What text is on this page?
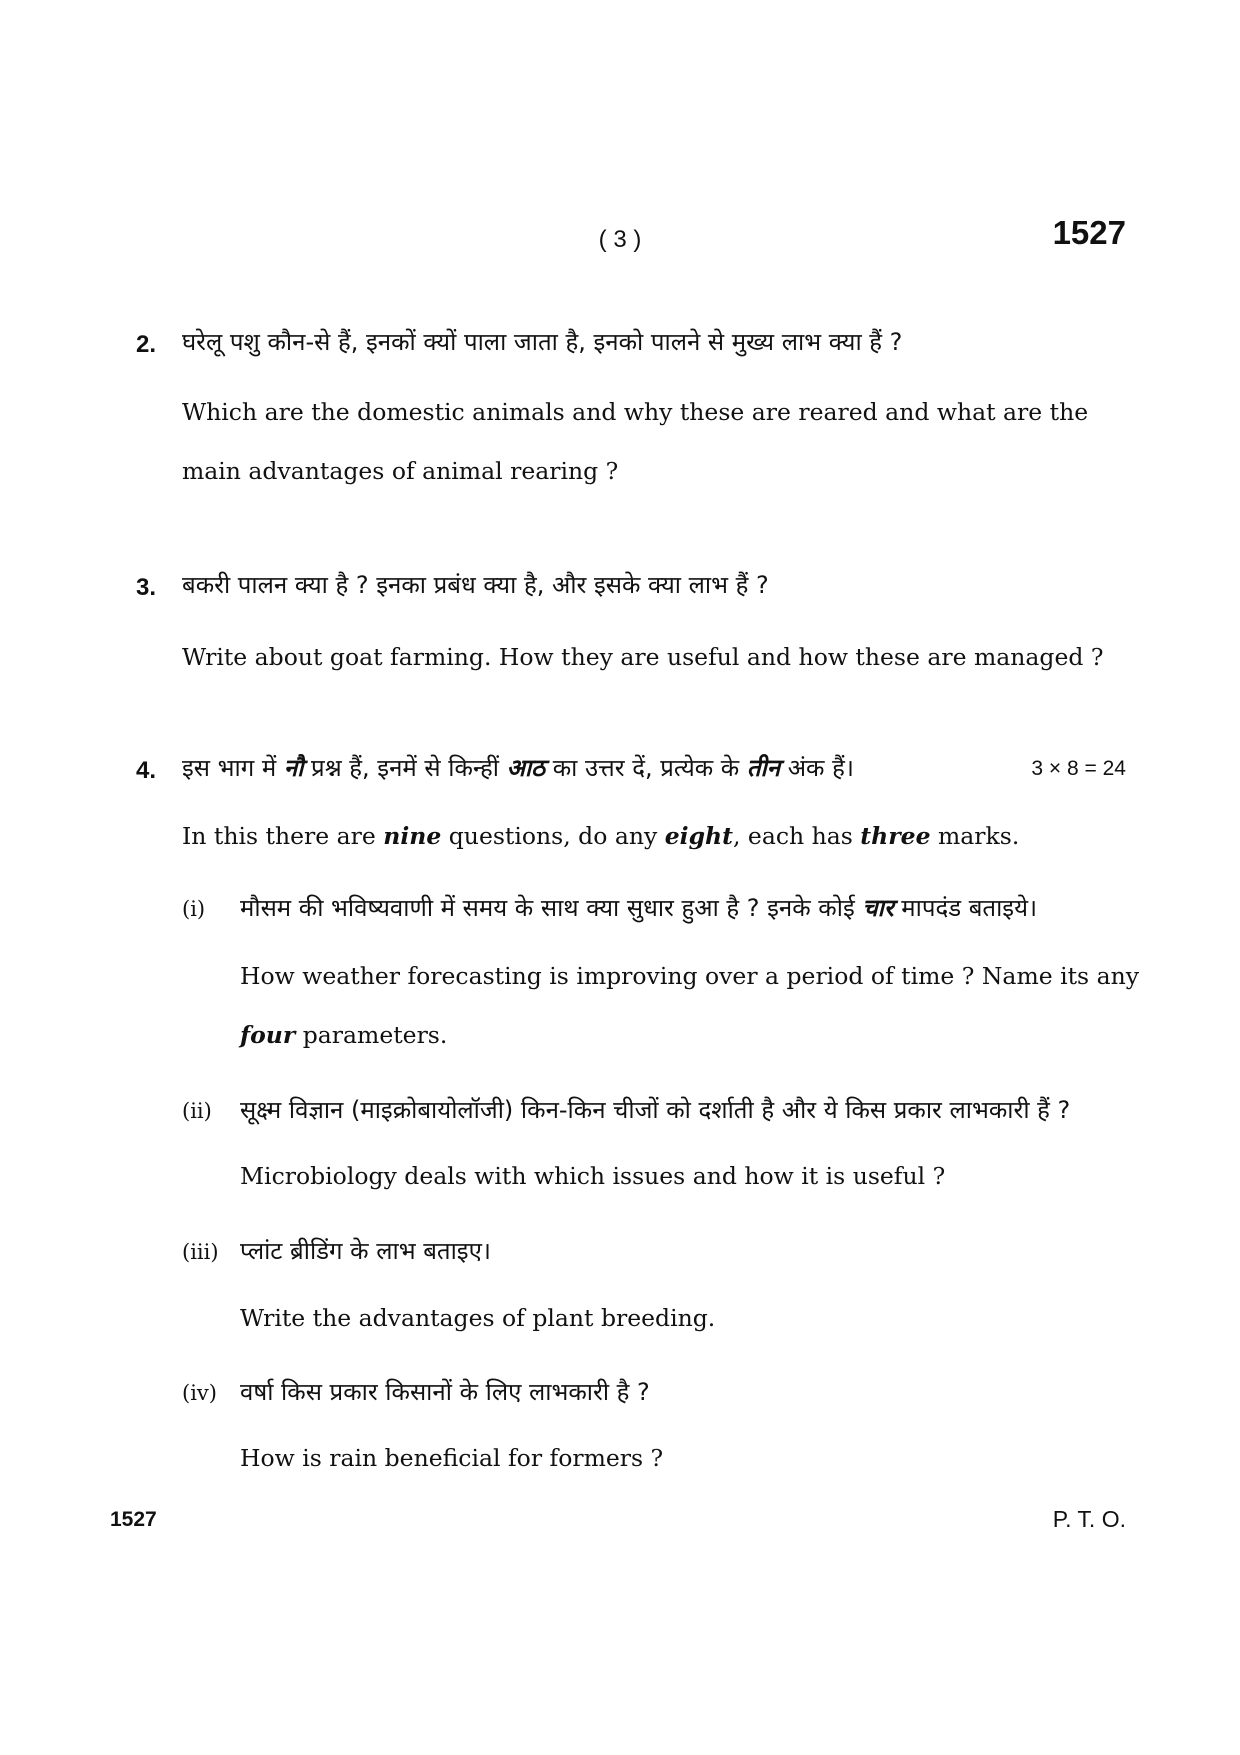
( 3 )	1527
2. घरेलू पशु कौन-से हैं, इनकों क्यों पाला जाता है, इनको पालने से मुख्य लाभ क्या हैं ?
Which are the domestic animals and why these are reared and what are the
main advantages of animal rearing ?
3. बकरी पालन क्या है ? इनका प्रबंध क्या है, और इसके क्या लाभ हैं ?
Write about goat farming. How they are useful and how these are managed ?
4. इस भाग में नौ प्रश्न हैं, इनमें से किन्हीं आठ का उत्तर दें, प्रत्येक के तीन अंक हैं।	3 × 8 = 24
In this there are nine questions, do any eight, each has three marks.
(i) मौसम की भविष्यवाणी में समय के साथ क्या सुधार हुआ है ? इनके कोई चार मापदंड बताइये।
How weather forecasting is improving over a period of time ? Name its any
four parameters.
(ii) सूक्ष्म विज्ञान (माइक्रोबायोलॉजी) किन-किन चीजों को दर्शाती है और ये किस प्रकार लाभकारी हैं ?
Microbiology deals with which issues and how it is useful ?
(iii) प्लांट ब्रीडिंग के लाभ बताइए।
Write the advantages of plant breeding.
(iv) वर्षा किस प्रकार किसानों के लिए लाभकारी है ?
How is rain beneficial for formers ?
1527	P. T. O.
